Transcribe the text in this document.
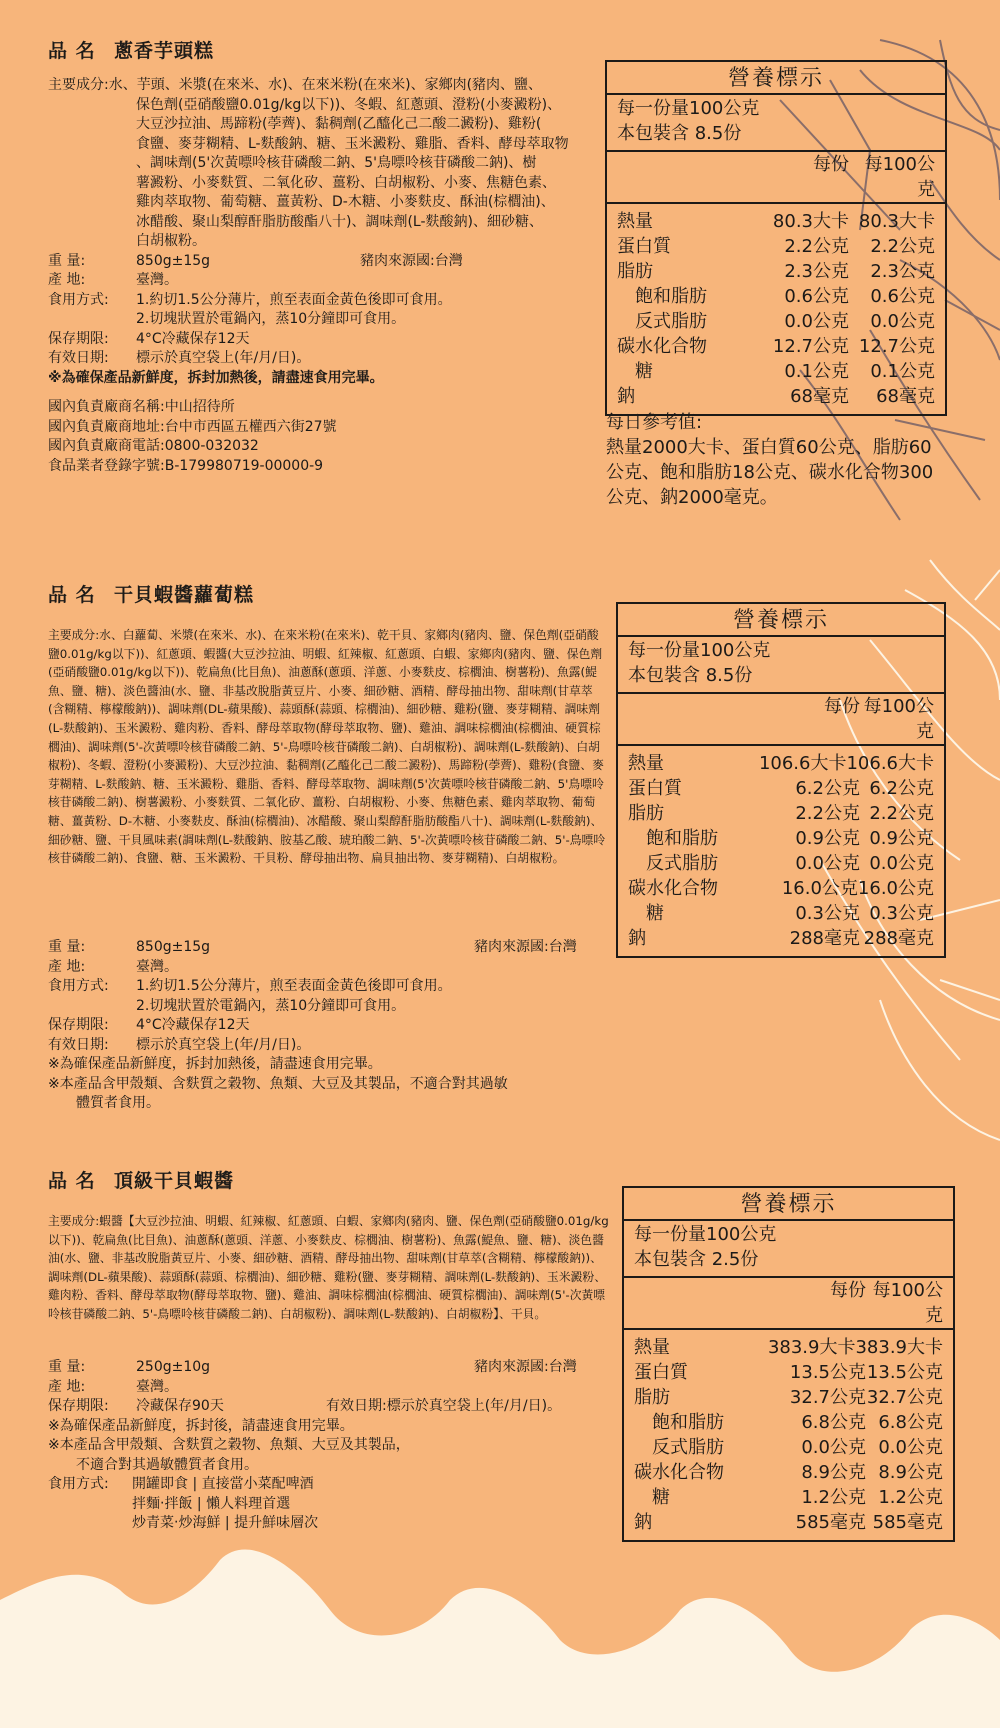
品 名 蔥香芋頭糕
主要成分: 水、芋頭、米漿(在來米、水)、在來米粉(在來米)、家鄉肉(豬肉、鹽、
保色劑(亞硝酸鹽0.01g/kg以下))、冬蝦、紅蔥頭、澄粉(小麥澱粉)、
大豆沙拉油、馬蹄粉(荸薺)、黏稠劑(乙醯化己二酸二澱粉)、雞粉(
食鹽、麥芽糊精、L-麩酸鈉、糖、玉米澱粉、雞脂、香料、酵母萃取物
、調味劑(5'次黃嘌呤核苷磷酸二鈉、5'鳥嘌呤核苷磷酸二鈉)、樹
薯澱粉、小麥麩質、二氧化矽、薑粉、白胡椒粉、小麥、焦糖色素、
雞肉萃取物、葡萄糖、薑黃粉、D-木糖、小麥麩皮、酥油(棕櫚油)、
冰醋酸、聚山梨醇酐脂肪酸酯八十)、調味劑(L-麩酸鈉)、細砂糖、
白胡椒粉。
重 量:	850g±15g	豬肉來源國:台灣
產 地:	臺灣。
食用方式:	1.約切1.5公分薄片，煎至表面金黃色後即可食用。
2.切塊狀置於電鍋內，蒸10分鐘即可食用。
保存期限:	4°C冷藏保存12天
有效日期:	標示於真空袋上(年/月/日)。
※為確保產品新鮮度，拆封加熱後，請盡速食用完畢。
國內負責廠商名稱:中山招待所
國內負責廠商地址:台中市西區五權西六街27號
國內負責廠商電話:0800-032032
食品業者登錄字號:B-179980719-00000-9
營養標示
每一份量100公克
本包裝含 8.5份
每份 每100公克
熱量	80.3大卡 80.3大卡
蛋白質	2.2公克	2.2公克
脂肪	2.3公克	2.3公克
飽和脂肪	0.6公克	0.6公克
反式脂肪	0.0公克	0.0公克
碳水化合物	12.7公克 12.7公克
糖	0.1公克	0.1公克
鈉	68毫克	68毫克
每日參考值:
熱量2000大卡、蛋白質60公克、脂肪60
公克、飽和脂肪18公克、碳水化合物300
公克、鈉2000毫克。
品 名 干貝蝦醬蘿蔔糕
主要成分:水、白蘿蔔、米漿(在來米、水)、在來米粉(在來米)、乾干貝、家鄉肉(豬肉、鹽、保色劑(亞硝酸鹽0.01g/kg以下))、紅蔥頭、蝦醬(大豆沙拉油、明蝦、紅辣椒、紅蔥頭、白蝦、家鄉肉(豬肉、鹽、保色劑(亞硝酸鹽0.01g/kg以下))、乾扁魚(比目魚)、油蔥酥(蔥頭、洋蔥、小麥麩皮、棕櫚油、樹薯粉)、魚露(鯷魚、鹽、糖)、淡色醬油(水、鹽、非基改脫脂黃豆片、小麥、細砂糖、酒精、酵母抽出物、甜味劑(甘草萃(含糊精、檸檬酸鈉))、調味劑(DL-蘋果酸)、蒜頭酥(蒜頭、棕櫚油)、細砂糖、雞粉(鹽、麥芽糊精、調味劑(L-麩酸鈉)、玉米澱粉、雞肉粉、香料、酵母萃取物(酵母萃取物、鹽)、雞油、調味棕櫚油(棕櫚油、硬質棕櫚油)、調味劑(5'-次黃嘌呤核苷磷酸二鈉、5'-鳥嘌呤核苷磷酸二鈉)、白胡椒粉)、調味劑(L-麩酸鈉)、白胡椒粉)、冬蝦、澄粉(小麥澱粉)、大豆沙拉油、黏稠劑(乙醯化己二酸二澱粉)、馬蹄粉(荸薺)、雞粉(食鹽、麥芽糊精、L-麩酸鈉、糖、玉米澱粉、雞脂、香料、酵母萃取物、調味劑(5'次黃嘌呤核苷磷酸二鈉、5'鳥嘌呤核苷磷酸二鈉)、樹薯澱粉、小麥麩質、二氧化矽、薑粉、白胡椒粉、小麥、焦糖色素、雞肉萃取物、葡萄糖、薑黃粉、D-木糖、小麥麩皮、酥油(棕櫚油)、冰醋酸、聚山梨醇酐脂肪酸酯八十)、調味劑(L-麩酸鈉)、細砂糖、鹽、干貝風味素(調味劑(L-麩酸鈉、胺基乙酸、琥珀酸二鈉、5'-次黃嘌呤核苷磷酸二鈉、5'-鳥嘌呤核苷磷酸二鈉)、食鹽、糖、玉米澱粉、干貝粉、酵母抽出物、扁貝抽出物、麥芽糊精)、白胡椒粉。
重 量:	850g±15g	豬肉來源國:台灣
產 地:	臺灣。
食用方式:	1.約切1.5公分薄片，煎至表面金黃色後即可食用。
2.切塊狀置於電鍋內，蒸10分鐘即可食用。
保存期限:	4°C冷藏保存12天
有效日期:	標示於真空袋上(年/月/日)。
※為確保產品新鮮度，拆封加熱後，請盡速食用完畢。
※本產品含甲殼類、含麩質之穀物、魚類、大豆及其製品，不適合對其過敏
體質者食用。
營養標示
每一份量100公克
本包裝含 8.5份
每份 每100公克
熱量	106.6大卡 106.6大卡
蛋白質	6.2公克 6.2公克
脂肪	2.2公克 2.2公克
飽和脂肪	0.9公克 0.9公克
反式脂肪	0.0公克 0.0公克
碳水化合物	16.0公克 16.0公克
糖	0.3公克 0.3公克
鈉	288毫克 288毫克
品 名 頂級干貝蝦醬
主要成分:蝦醬【大豆沙拉油、明蝦、紅辣椒、紅蔥頭、白蝦、家鄉肉(豬肉、鹽、保色劑(亞硝酸鹽0.01g/kg以下))、乾扁魚(比目魚)、油蔥酥(蔥頭、洋蔥、小麥麩皮、棕櫚油、樹薯粉)、魚露(鯷魚、鹽、糖)、淡色醬油(水、鹽、非基改脫脂黃豆片、小麥、細砂糖、酒精、酵母抽出物、甜味劑(甘草萃(含糊精、檸檬酸鈉))、調味劑(DL-蘋果酸)、蒜頭酥(蒜頭、棕櫚油)、細砂糖、雞粉(鹽、麥芽糊精、調味劑(L-麩酸鈉)、玉米澱粉、雞肉粉、香料、酵母萃取物(酵母萃取物、鹽)、雞油、調味棕櫚油(棕櫚油、硬質棕櫚油)、調味劑(5'-次黃嘌呤核苷磷酸二鈉、5'-鳥嘌呤核苷磷酸二鈉)、白胡椒粉)、調味劑(L-麩酸鈉)、白胡椒粉】、干貝。
重 量:	250g±10g	豬肉來源國:台灣
產 地:	臺灣。
保存期限:	冷藏保存90天	有效日期: 標示於真空袋上(年/月/日)。
※為確保產品新鮮度，拆封後，請盡速食用完畢。
※本產品含甲殼類、含麩質之穀物、魚類、大豆及其製品，
不適合對其過敏體質者食用。
食用方式:	開罐即食 | 直接當小菜配啤酒
拌麵‧拌飯 | 懶人料理首選
炒青菜‧炒海鮮 | 提升鮮味層次
營養標示
每一份量100公克
本包裝含 2.5份
每份 每100公克
熱量	383.9大卡 383.9大卡
蛋白質	13.5公克 13.5公克
脂肪	32.7公克 32.7公克
飽和脂肪	6.8公克 6.8公克
反式脂肪	0.0公克 0.0公克
碳水化合物	8.9公克 8.9公克
糖	1.2公克 1.2公克
鈉	585毫克 585毫克
